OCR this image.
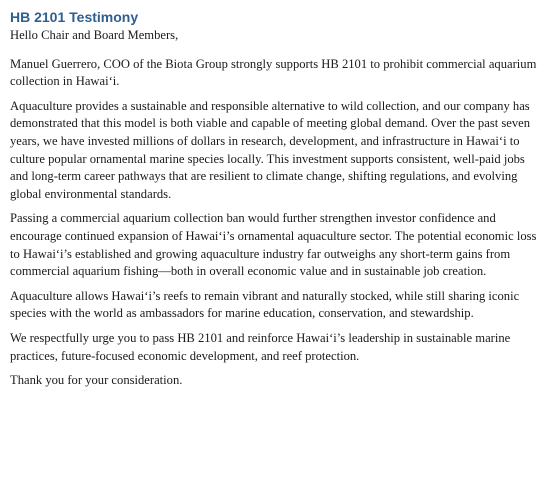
HB 2101 Testimony

Hello Chair and Board Members,

Manuel Guerrero, COO of the Biota Group strongly supports HB 2101 to prohibit commercial aquarium collection in Hawaiʻi.

Aquaculture provides a sustainable and responsible alternative to wild collection, and our company has demonstrated that this model is both viable and capable of meeting global demand. Over the past seven years, we have invested millions of dollars in research, development, and infrastructure in Hawaiʻi to culture popular ornamental marine species locally. This investment supports consistent, well-paid jobs and long-term career pathways that are resilient to climate change, shifting regulations, and evolving global environmental standards.

Passing a commercial aquarium collection ban would further strengthen investor confidence and encourage continued expansion of Hawaiʻi’s ornamental aquaculture sector. The potential economic loss to Hawaiʻi’s established and growing aquaculture industry far outweighs any short-term gains from commercial aquarium fishing—both in overall economic value and in sustainable job creation.

Aquaculture allows Hawaiʻi’s reefs to remain vibrant and naturally stocked, while still sharing iconic species with the world as ambassadors for marine education, conservation, and stewardship.

We respectfully urge you to pass HB 2101 and reinforce Hawaiʻi’s leadership in sustainable marine practices, future-focused economic development, and reef protection.

Thank you for your consideration.
